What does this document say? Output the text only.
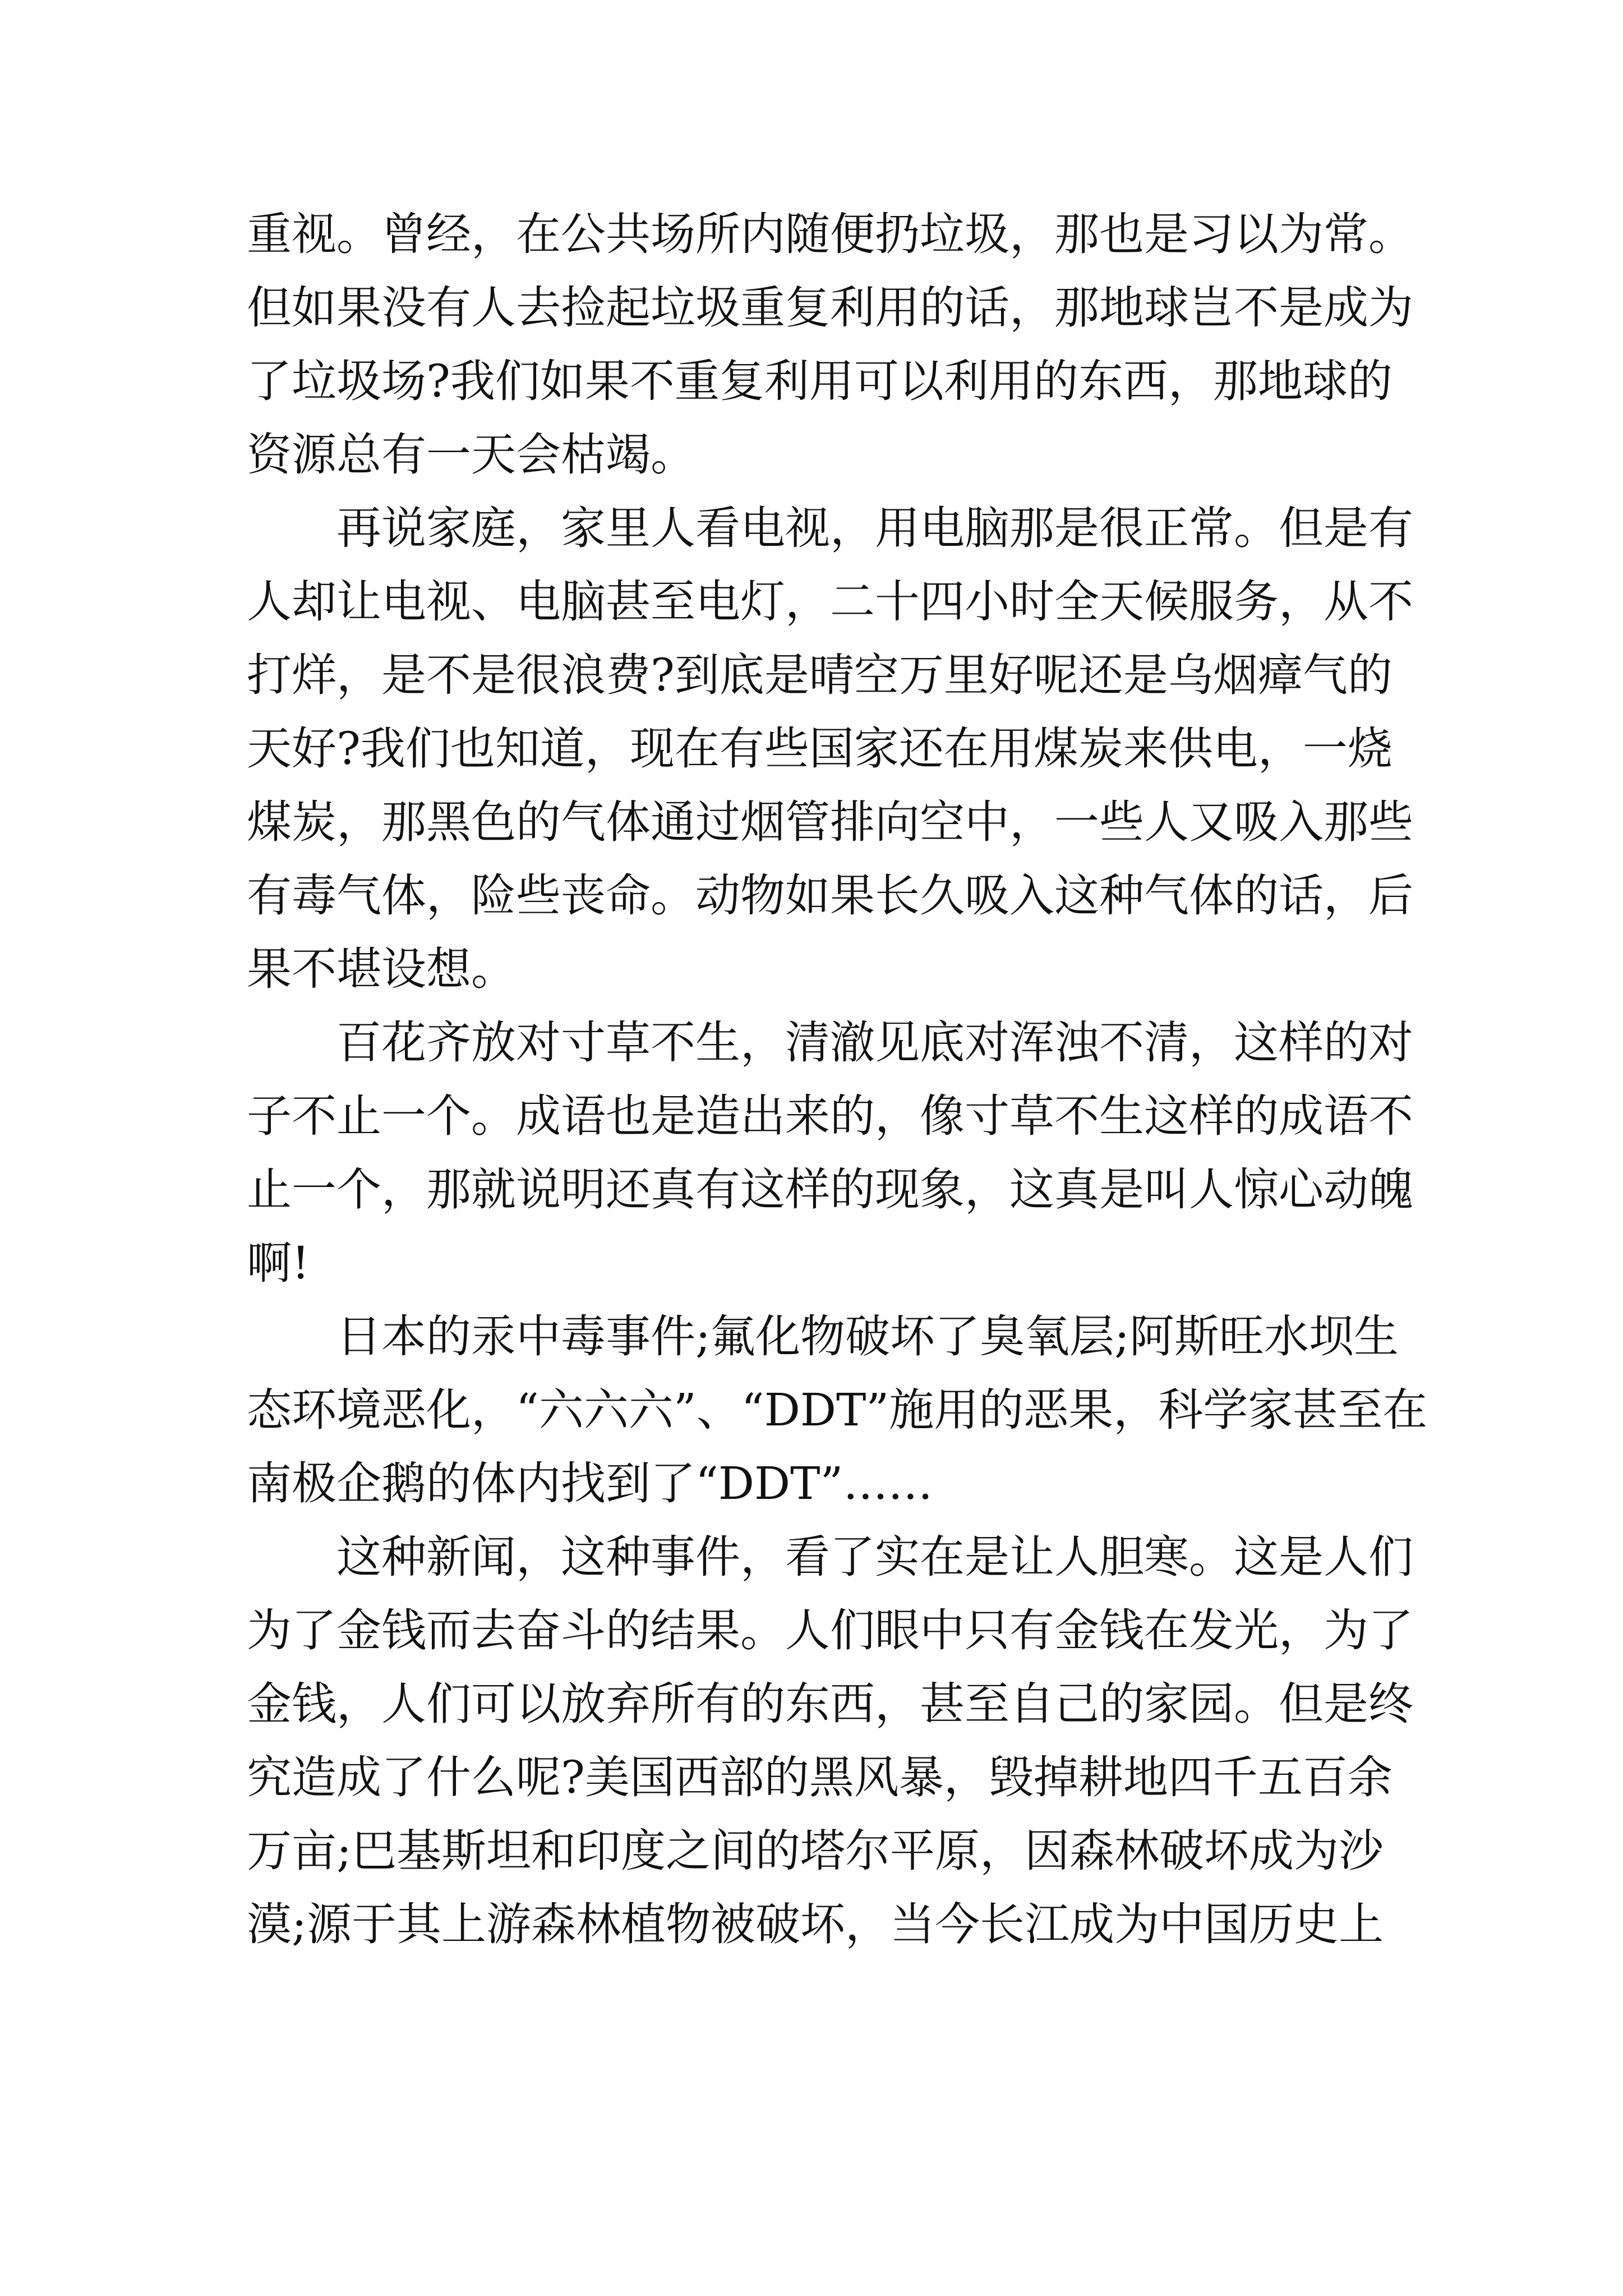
重视。曾经，在公共场所内随便扔垃圾，那也是习以为常。
但如果没有人去捡起垃圾重复利用的话，那地球岂不是成为
了垃圾场?我们如果不重复利用可以利用的东西，那地球的
资源总有一天会枯竭。
　　再说家庭，家里人看电视，用电脑那是很正常。但是有
人却让电视、电脑甚至电灯，二十四小时全天候服务，从不
打烊，是不是很浪费?到底是晴空万里好呢还是乌烟瘴气的
天好?我们也知道，现在有些国家还在用煤炭来供电，一烧
煤炭，那黑色的气体通过烟管排向空中，一些人又吸入那些
有毒气体，险些丧命。动物如果长久吸入这种气体的话，后
果不堪设想。
　　百花齐放对寸草不生，清澈见底对浑浊不清，这样的对
子不止一个。成语也是造出来的，像寸草不生这样的成语不
止一个，那就说明还真有这样的现象，这真是叫人惊心动魄
啊!
　　日本的汞中毒事件;氟化物破坏了臭氧层;阿斯旺水坝生
态环境恶化，“六六六”、“DDT”施用的恶果，科学家甚至在
南极企鹅的体内找到了“DDT”……
　　这种新闻，这种事件，看了实在是让人胆寒。这是人们
为了金钱而去奋斗的结果。人们眼中只有金钱在发光，为了
金钱，人们可以放弃所有的东西，甚至自己的家园。但是终
究造成了什么呢?美国西部的黑风暴，毁掉耕地四千五百余
万亩;巴基斯坦和印度之间的塔尔平原，因森林破坏成为沙
漠;源于其上游森林植物被破坏，当今长江成为中国历史上
